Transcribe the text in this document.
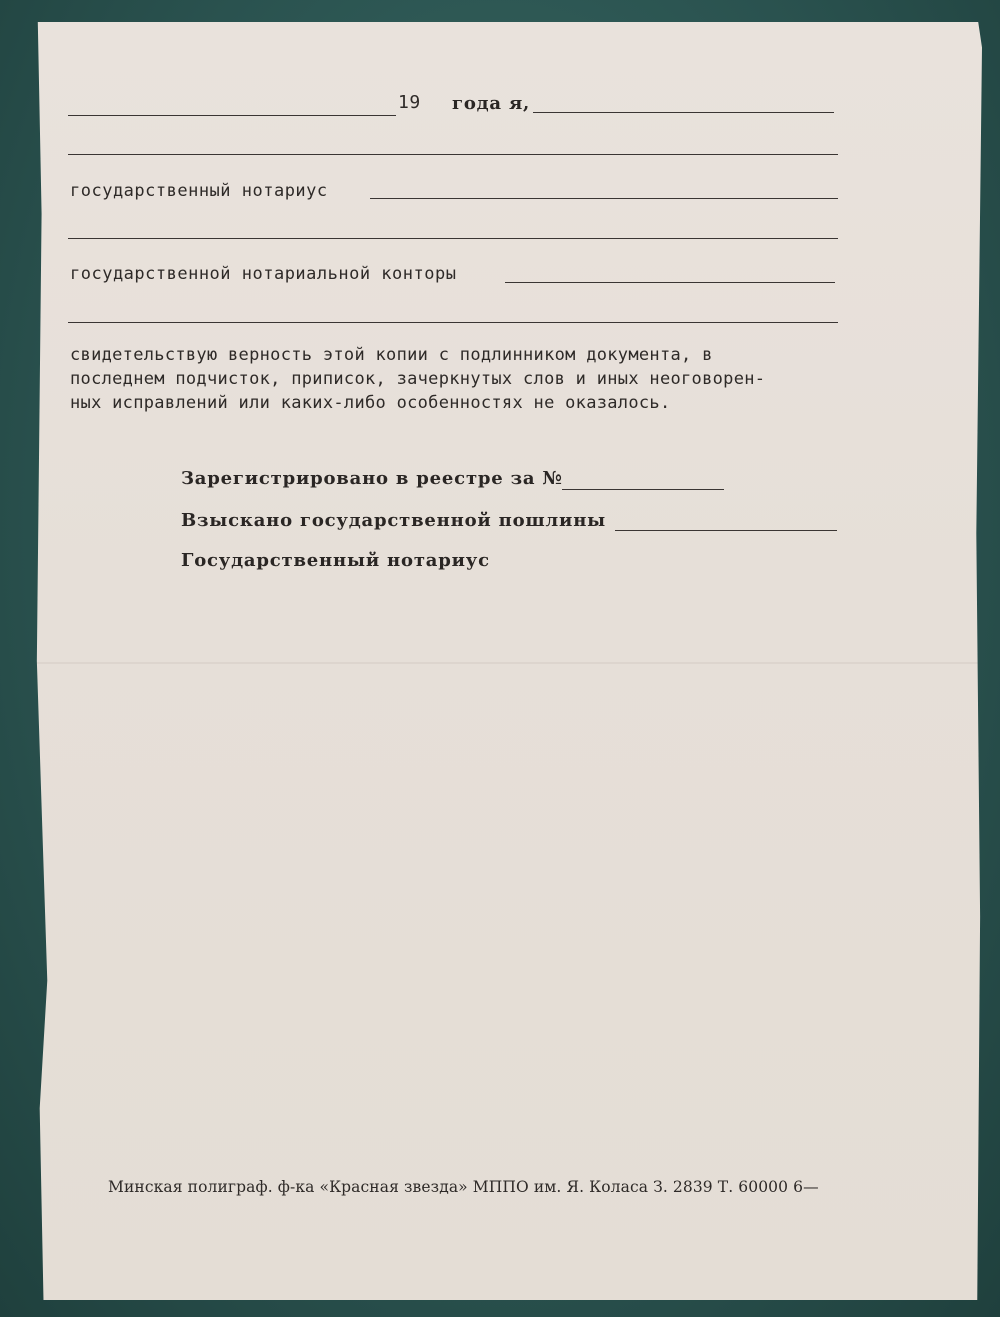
19 года я,
государственный нотариус
государственной нотариальной конторы
свидетельствую верность этой копии с подлинником документа, в
последнем подчисток, приписок, зачеркнутых слов и иных неоговорен-
ных исправлений или каких-либо особенностях не оказалось.
Зарегистрировано в реестре за №
Взыскано государственной пошлины
Государственный нотариус
Минская полиграф. ф-ка «Красная звезда» МППО им. Я. Коласа З. 2839 Т. 60000 6—
